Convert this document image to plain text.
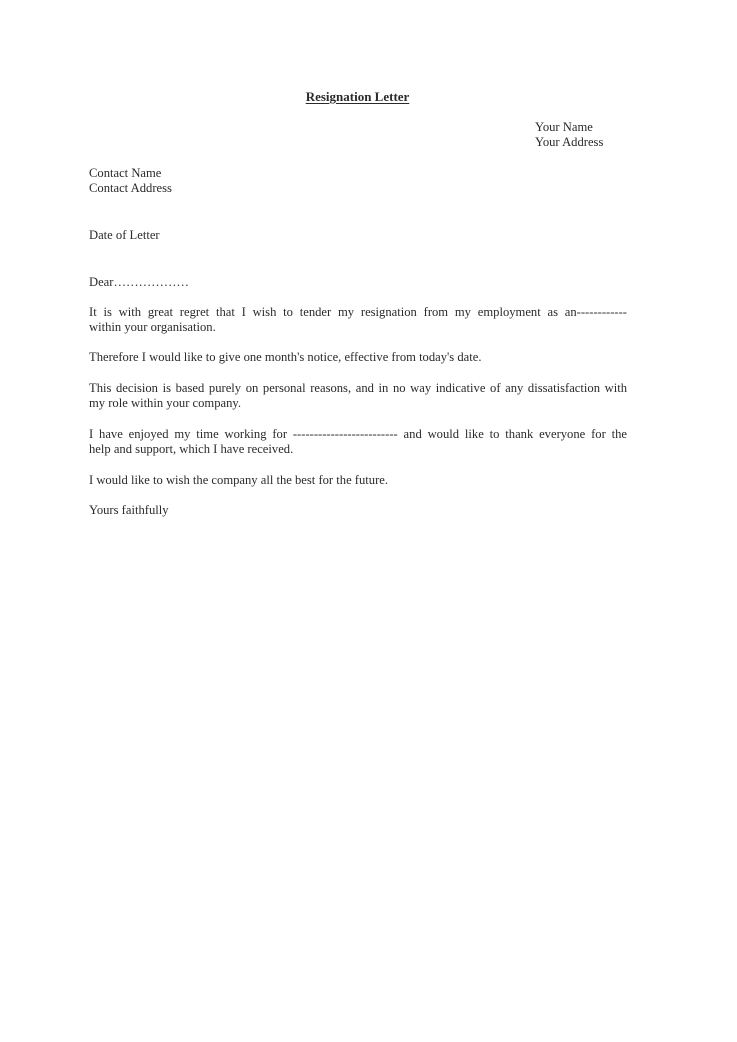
Resignation Letter
Your Name
Your Address
Contact Name
Contact Address
Date of Letter
Dear………………
It is with great regret that I wish to tender my resignation from my employment as an------------
within your organisation.
Therefore I would like to give one month's notice, effective from today's date.
This decision is based purely on personal reasons, and in no way indicative of any dissatisfaction with
my role within your company.
I have enjoyed my time working for ------------------------- and would like to thank everyone for the
help and support, which I have received.
I would like to wish the company all the best for the future.
Yours faithfully
